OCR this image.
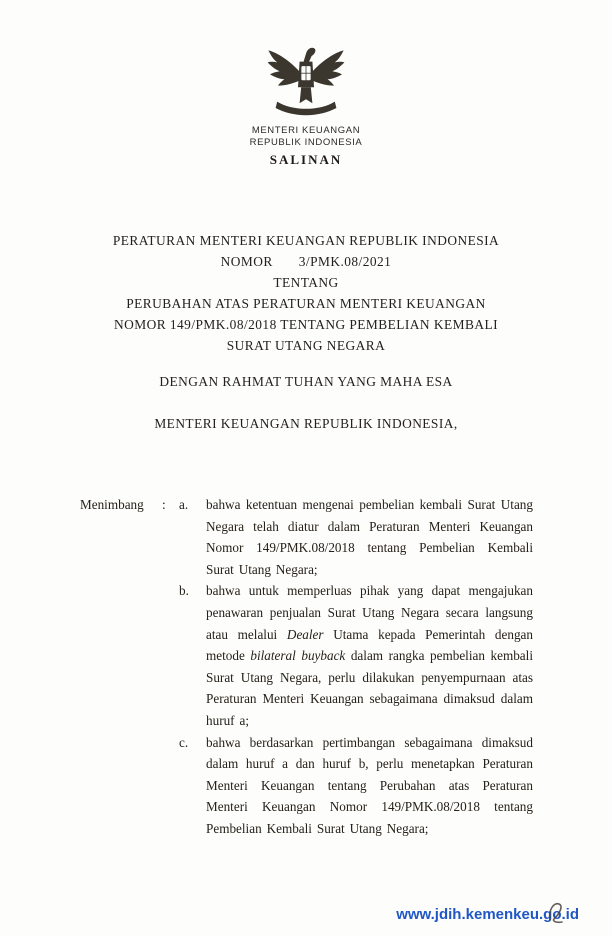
MENTERI KEUANGAN
REPUBLIK INDONESIA
SALINAN
PERATURAN MENTERI KEUANGAN REPUBLIK INDONESIA
NOMOR 3/PMK.08/2021
TENTANG
PERUBAHAN ATAS PERATURAN MENTERI KEUANGAN
NOMOR 149/PMK.08/2018 TENTANG PEMBELIAN KEMBALI
SURAT UTANG NEGARA
DENGAN RAHMAT TUHAN YANG MAHA ESA
MENTERI KEUANGAN REPUBLIK INDONESIA,
Menimbang	:	a.	bahwa ketentuan mengenai pembelian kembali Surat Utang Negara telah diatur dalam Peraturan Menteri Keuangan Nomor 149/PMK.08/2018 tentang Pembelian Kembali Surat Utang Negara;
b.	bahwa untuk memperluas pihak yang dapat mengajukan penawaran penjualan Surat Utang Negara secara langsung atau melalui Dealer Utama kepada Pemerintah dengan metode bilateral buyback dalam rangka pembelian kembali Surat Utang Negara, perlu dilakukan penyempurnaan atas Peraturan Menteri Keuangan sebagaimana dimaksud dalam huruf a;
c.	bahwa berdasarkan pertimbangan sebagaimana dimaksud dalam huruf a dan huruf b, perlu menetapkan Peraturan Menteri Keuangan tentang Perubahan atas Peraturan Menteri Keuangan Nomor 149/PMK.08/2018 tentang Pembelian Kembali Surat Utang Negara;
www.jdih.kemenkeu.go.id
